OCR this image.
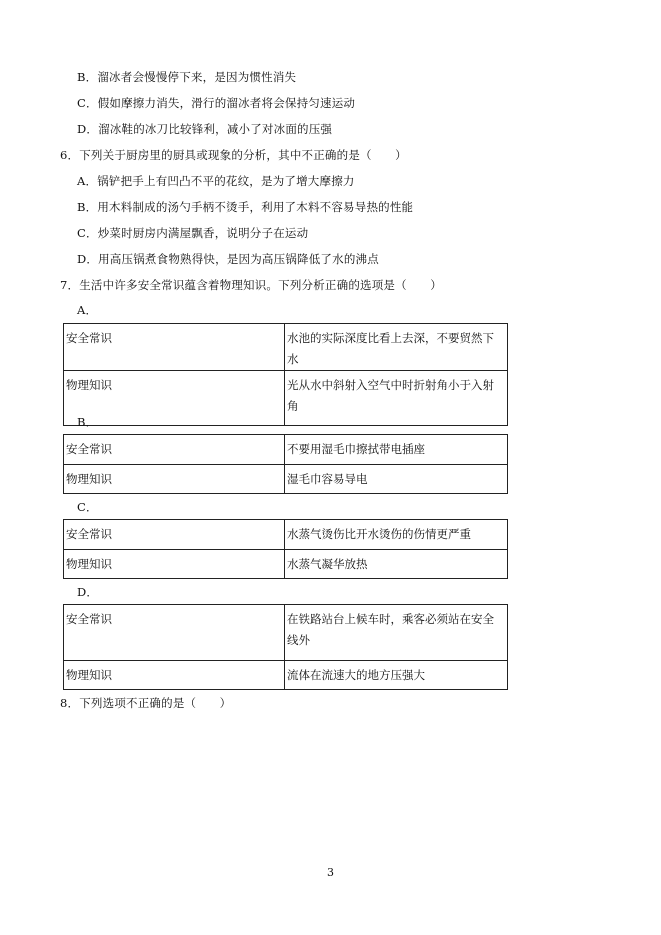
B．溜冰者会慢慢停下来，是因为惯性消失
C．假如摩擦力消失，滑行的溜冰者将会保持匀速运动
D．溜冰鞋的冰刀比较锋利，减小了对冰面的压强
6．下列关于厨房里的厨具或现象的分析，其中不正确的是（　　）
A．锅铲把手上有凹凸不平的花纹，是为了增大摩擦力
B．用木料制成的汤勺手柄不烫手，利用了木料不容易导热的性能
C．炒菜时厨房内满屋飘香，说明分子在运动
D．用高压锅煮食物熟得快，是因为高压锅降低了水的沸点
7．生活中许多安全常识蕴含着物理知识。下列分析正确的选项是（　　）
A．
安全常识	水池的实际深度比看上去深，不要贸然下水
物理知识	光从水中斜射入空气中时折射角小于入射角
B．
安全常识	不要用湿毛巾擦拭带电插座
物理知识	湿毛巾容易导电
C．
安全常识	水蒸气烫伤比开水烫伤的伤情更严重
物理知识	水蒸气凝华放热
D．
安全常识	在铁路站台上候车时，乘客必须站在安全线外
物理知识	流体在流速大的地方压强大
8．下列选项不正确的是（　　）
3
